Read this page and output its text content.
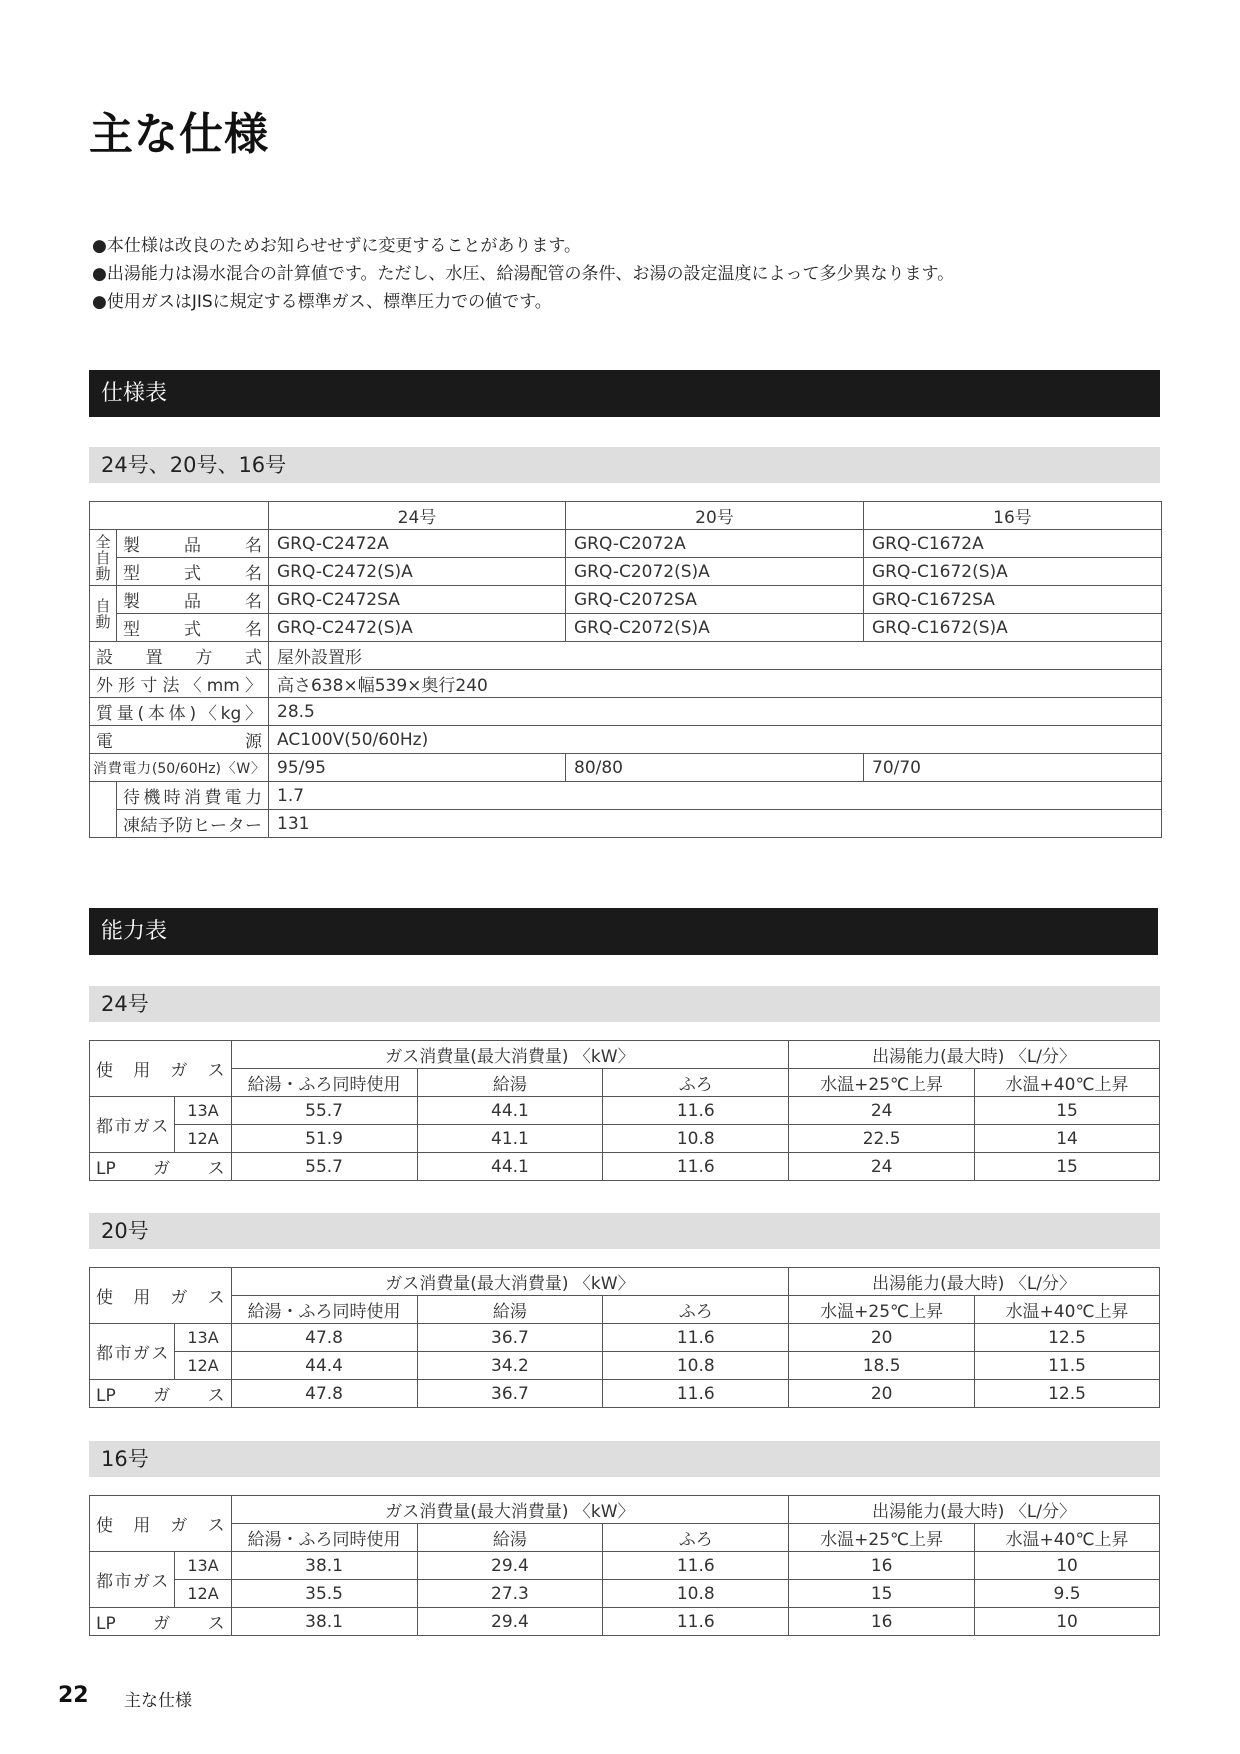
主な仕様
●本仕様は改良のためお知らせせずに変更することがあります。
●出湯能力は湯水混合の計算値です。ただし、水圧、給湯配管の条件、お湯の設定温度によって多少異なります。
●使用ガスはJISに規定する標準ガス、標準圧力での値です。
仕様表
24号、20号、16号
		24号	20号	16号
全自動	製品名	GRQ-C2472A	GRQ-C2072A	GRQ-C1672A
	型式名	GRQ-C2472(S)A	GRQ-C2072(S)A	GRQ-C1672(S)A
自動	製品名	GRQ-C2472SA	GRQ-C2072SA	GRQ-C1672SA
	型式名	GRQ-C2472(S)A	GRQ-C2072(S)A	GRQ-C1672(S)A
設置方式		屋外設置形		
外形寸法〈mm〉		高さ638×幅539×奥行240		
質量(本体)〈kg〉		28.5		
電源		AC100V(50/60Hz)		
消費電力(50/60Hz)〈W〉		95/95	80/80	70/70
	待機時消費電力	1.7		
	凍結予防ヒーター	131		
能力表
24号
使用ガス		ガス消費量(最大消費量) 〈kW〉			出湯能力(最大時) 〈L/分〉	
		給湯・ふろ同時使用	給湯	ふろ	水温+25℃上昇	水温+40℃上昇
都市ガス	13A	55.7	44.1	11.6	24	15
	12A	51.9	41.1	10.8	22.5	14
LPガス		55.7	44.1	11.6	24	15
20号
使用ガス		ガス消費量(最大消費量) 〈kW〉			出湯能力(最大時) 〈L/分〉	
		給湯・ふろ同時使用	給湯	ふろ	水温+25℃上昇	水温+40℃上昇
都市ガス	13A	47.8	36.7	11.6	20	12.5
	12A	44.4	34.2	10.8	18.5	11.5
LPガス		47.8	36.7	11.6	20	12.5
16号
使用ガス		ガス消費量(最大消費量) 〈kW〉			出湯能力(最大時) 〈L/分〉	
		給湯・ふろ同時使用	給湯	ふろ	水温+25℃上昇	水温+40℃上昇
都市ガス	13A	38.1	29.4	11.6	16	10
	12A	35.5	27.3	10.8	15	9.5
LPガス		38.1	29.4	11.6	16	10
22 主な仕様
